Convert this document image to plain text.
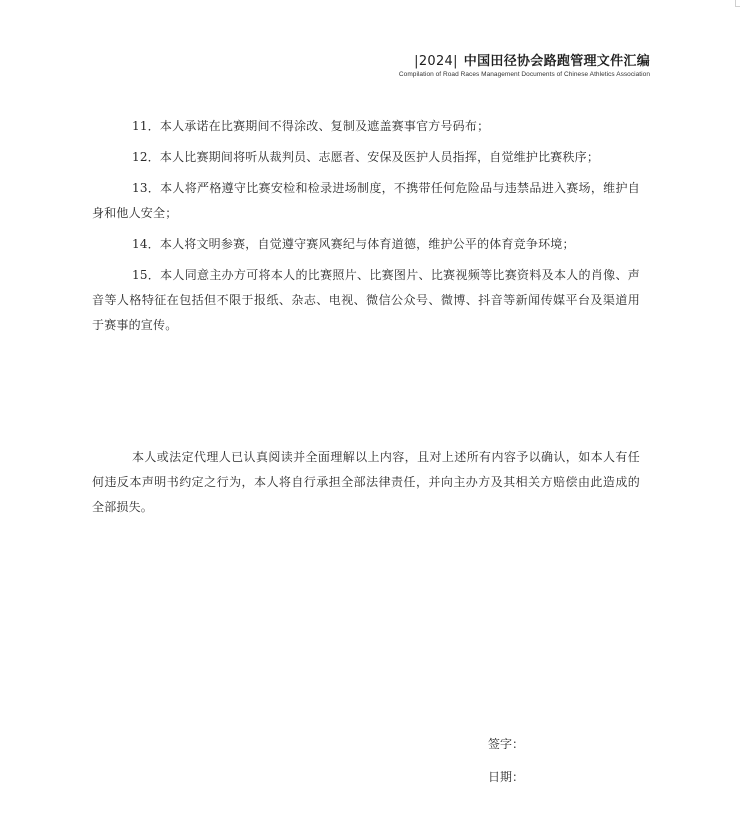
|2024| 中国田径协会路跑管理文件汇编
Compilation of Road Races Management Documents of Chinese Athletics Association

11．本人承诺在比赛期间不得涂改、复制及遮盖赛事官方号码布；

12．本人比赛期间将听从裁判员、志愿者、安保及医护人员指挥，自觉维护比赛秩序；

13．本人将严格遵守比赛安检和检录进场制度，不携带任何危险品与违禁品进入赛场，维护自身和他人安全；

14．本人将文明参赛，自觉遵守赛风赛纪与体育道德，维护公平的体育竞争环境；

15．本人同意主办方可将本人的比赛照片、比赛图片、比赛视频等比赛资料及本人的肖像、声音等人格特征在包括但不限于报纸、杂志、电视、微信公众号、微博、抖音等新闻传媒平台及渠道用于赛事的宣传。

本人或法定代理人已认真阅读并全面理解以上内容，且对上述所有内容予以确认，如本人有任何违反本声明书约定之行为，本人将自行承担全部法律责任，并向主办方及其相关方赔偿由此造成的全部损失。

签字：
日期：
